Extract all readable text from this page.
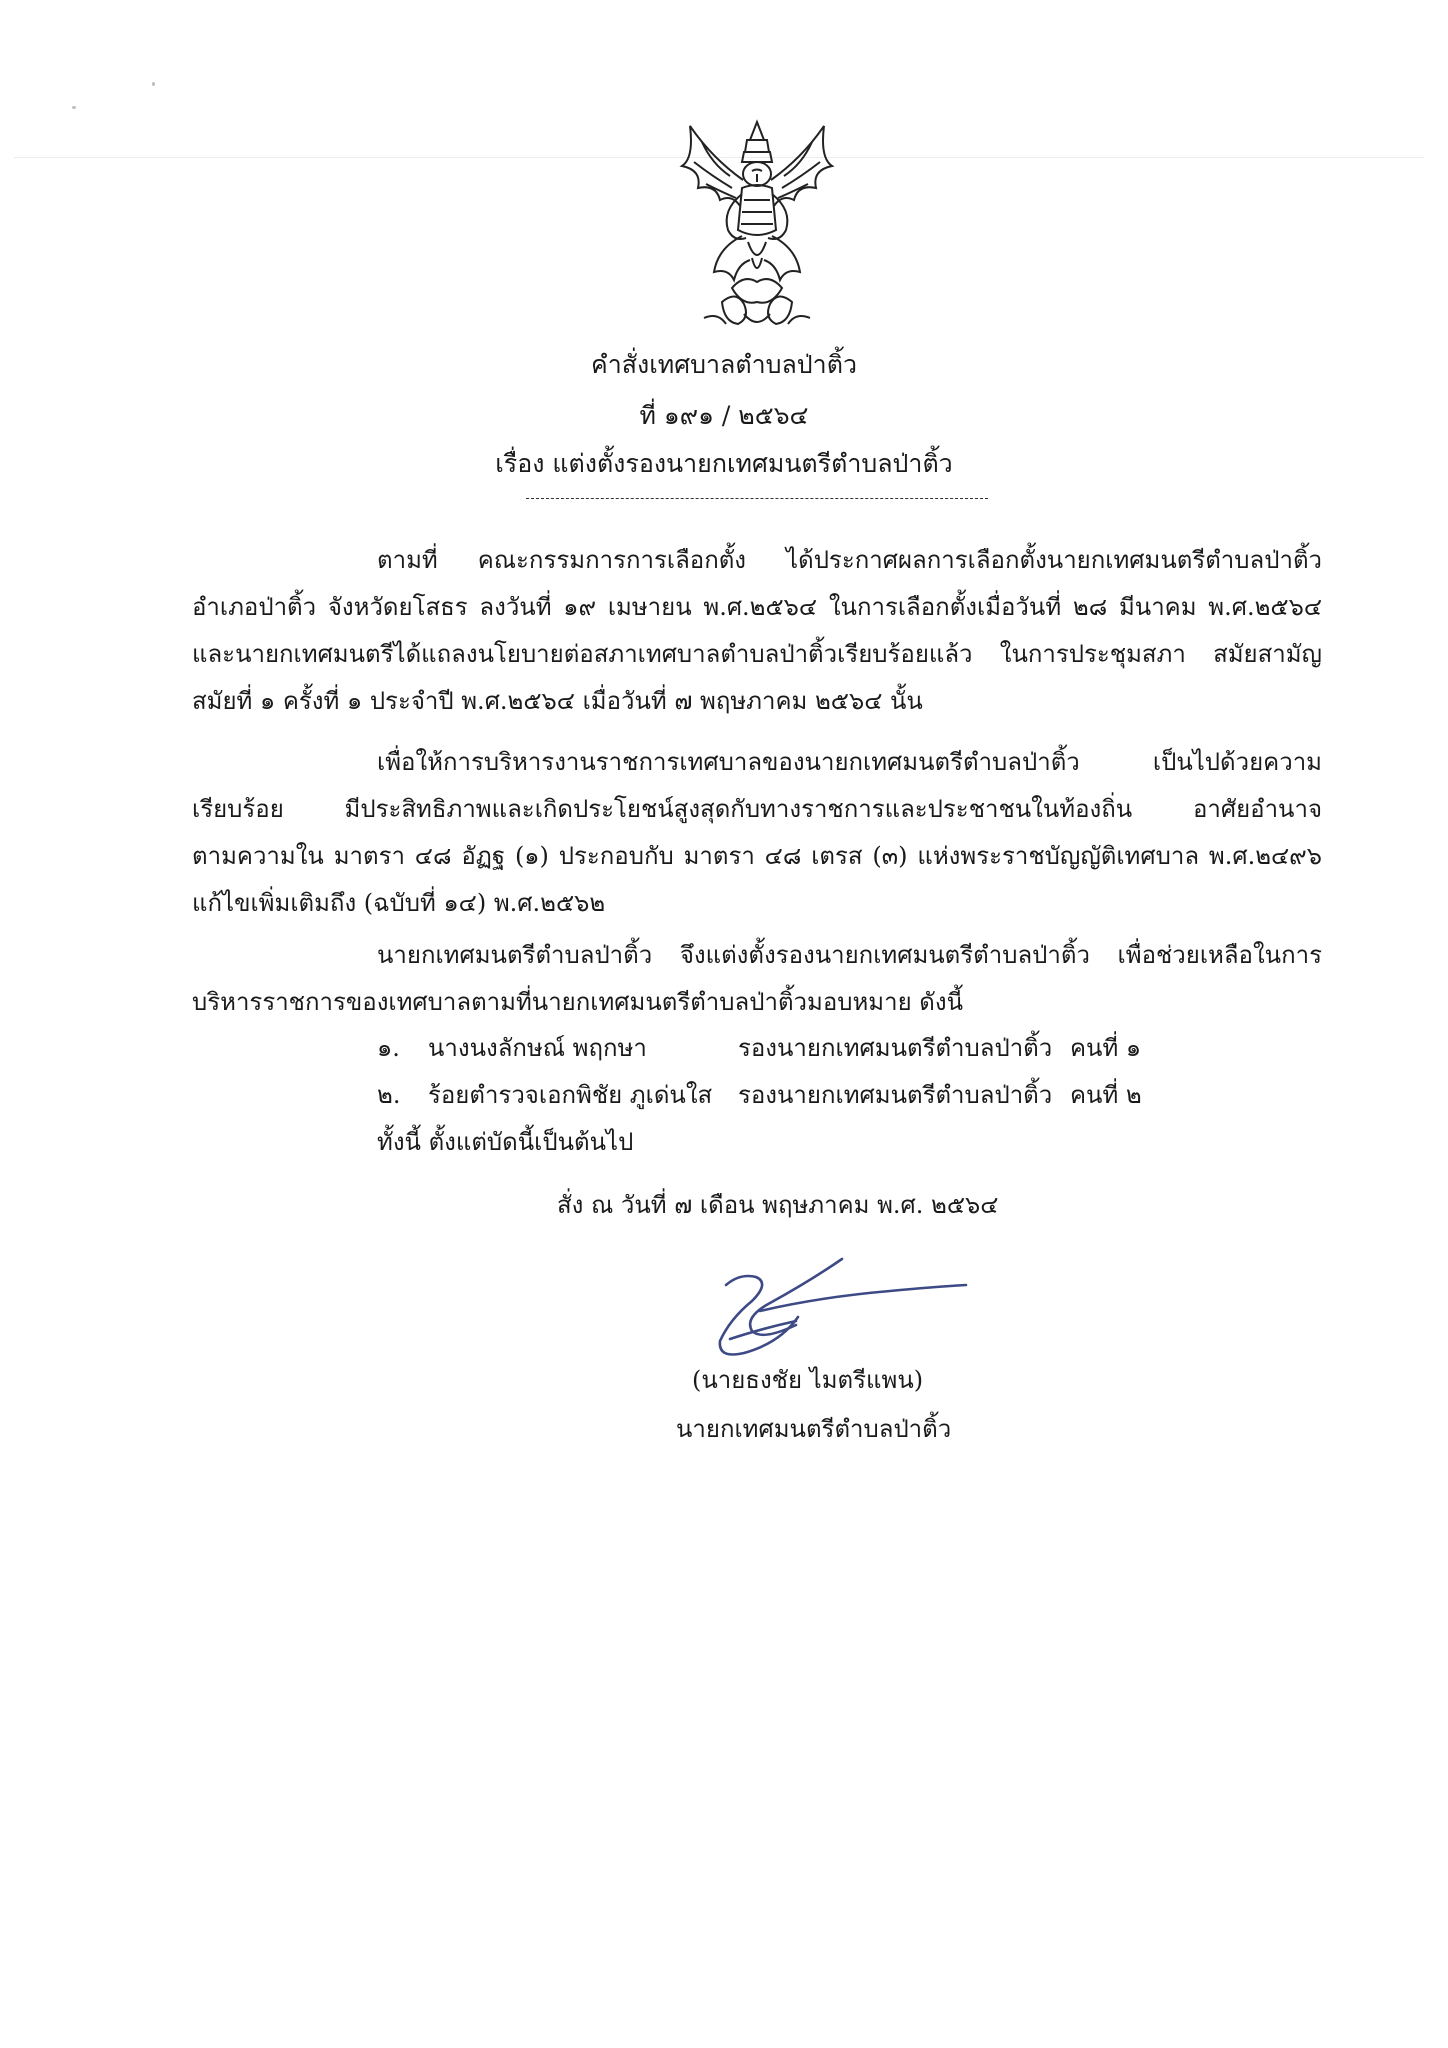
คำสั่งเทศบาลตำบลป่าติ้ว
ที่ ๑๙๑ / ๒๕๖๔
เรื่อง แต่งตั้งรองนายกเทศมนตรีตำบลป่าติ้ว
ตามที่ คณะกรรมการการเลือกตั้ง ได้ประกาศผลการเลือกตั้งนายกเทศมนตรีตำบลป่าติ้ว
อำเภอป่าติ้ว จังหวัดยโสธร ลงวันที่ ๑๙ เมษายน พ.ศ.๒๕๖๔ ในการเลือกตั้งเมื่อวันที่ ๒๘ มีนาคม พ.ศ.๒๕๖๔
และนายกเทศมนตรีได้แถลงนโยบายต่อสภาเทศบาลตำบลป่าติ้วเรียบร้อยแล้ว ในการประชุมสภา สมัยสามัญ
สมัยที่ ๑ ครั้งที่ ๑ ประจำปี พ.ศ.๒๕๖๔ เมื่อวันที่ ๗ พฤษภาคม ๒๕๖๔ นั้น
เพื่อให้การบริหารงานราชการเทศบาลของนายกเทศมนตรีตำบลป่าติ้ว เป็นไปด้วยความ
เรียบร้อย มีประสิทธิภาพและเกิดประโยชน์สูงสุดกับทางราชการและประชาชนในท้องถิ่น อาศัยอำนาจ
ตามความใน มาตรา ๔๘ อัฏฐ (๑) ประกอบกับ มาตรา ๔๘ เตรส (๓) แห่งพระราชบัญญัติเทศบาล พ.ศ.๒๔๙๖
แก้ไขเพิ่มเติมถึง (ฉบับที่ ๑๔) พ.ศ.๒๕๖๒
นายกเทศมนตรีตำบลป่าติ้ว จึงแต่งตั้งรองนายกเทศมนตรีตำบลป่าติ้ว เพื่อช่วยเหลือในการ
บริหารราชการของเทศบาลตามที่นายกเทศมนตรีตำบลป่าติ้วมอบหมาย ดังนี้
๑. นางนงลักษณ์ พฤกษา	รองนายกเทศมนตรีตำบลป่าติ้ว คนที่ ๑
๒. ร้อยตำรวจเอกพิชัย ภูเด่นใส รองนายกเทศมนตรีตำบลป่าติ้ว คนที่ ๒
ทั้งนี้ ตั้งแต่บัดนี้เป็นต้นไป
สั่ง ณ วันที่ ๗ เดือน พฤษภาคม พ.ศ. ๒๕๖๔
(นายธงชัย ไมตรีแพน)
นายกเทศมนตรีตำบลป่าติ้ว
